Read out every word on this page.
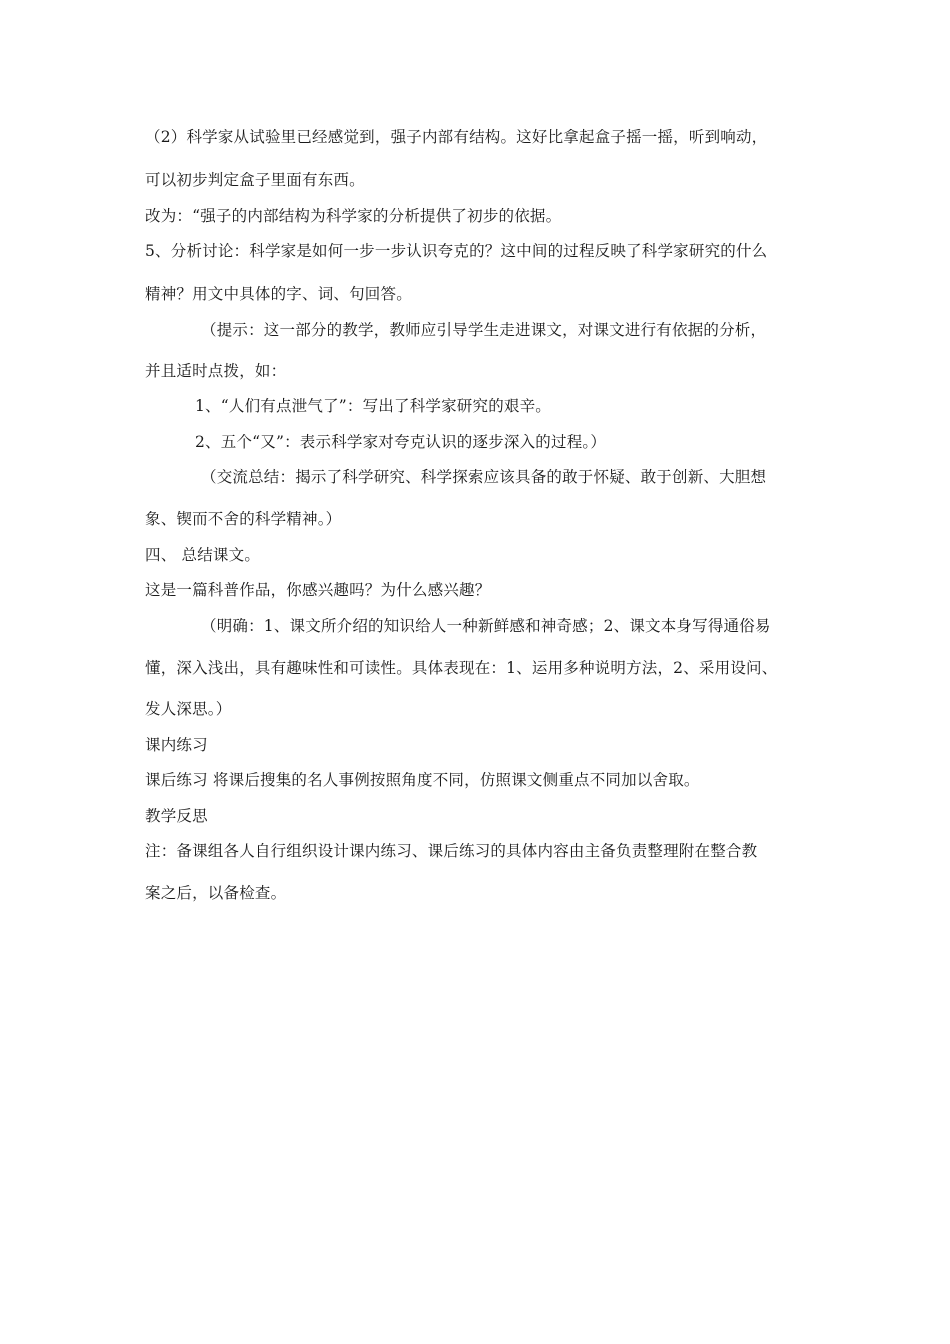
（2）科学家从试验里已经感觉到，强子内部有结构。这好比拿起盒子摇一摇，听到响动，
可以初步判定盒子里面有东西。
改为：“强子的内部结构为科学家的分析提供了初步的依据。
5、分析讨论：科学家是如何一步一步认识夸克的？这中间的过程反映了科学家研究的什么
精神？用文中具体的字、词、句回答。
（提示：这一部分的教学，教师应引导学生走进课文，对课文进行有依据的分析，
并且适时点拨，如：
1、“人们有点泄气了”：写出了科学家研究的艰辛。
2、五个“又”：表示科学家对夸克认识的逐步深入的过程。）
（交流总结：揭示了科学研究、科学探索应该具备的敢于怀疑、敢于创新、大胆想
象、锲而不舍的科学精神。）
四、 总结课文。
这是一篇科普作品，你感兴趣吗？为什么感兴趣？
（明确：1、课文所介绍的知识给人一种新鲜感和神奇感；2、课文本身写得通俗易
懂，深入浅出，具有趣味性和可读性。具体表现在：1、运用多种说明方法，2、采用设问、
发人深思。）
课内练习
课后练习 将课后搜集的名人事例按照角度不同，仿照课文侧重点不同加以舍取。
教学反思
注：备课组各人自行组织设计课内练习、课后练习的具体内容由主备负责整理附在整合教
案之后，以备检查。
